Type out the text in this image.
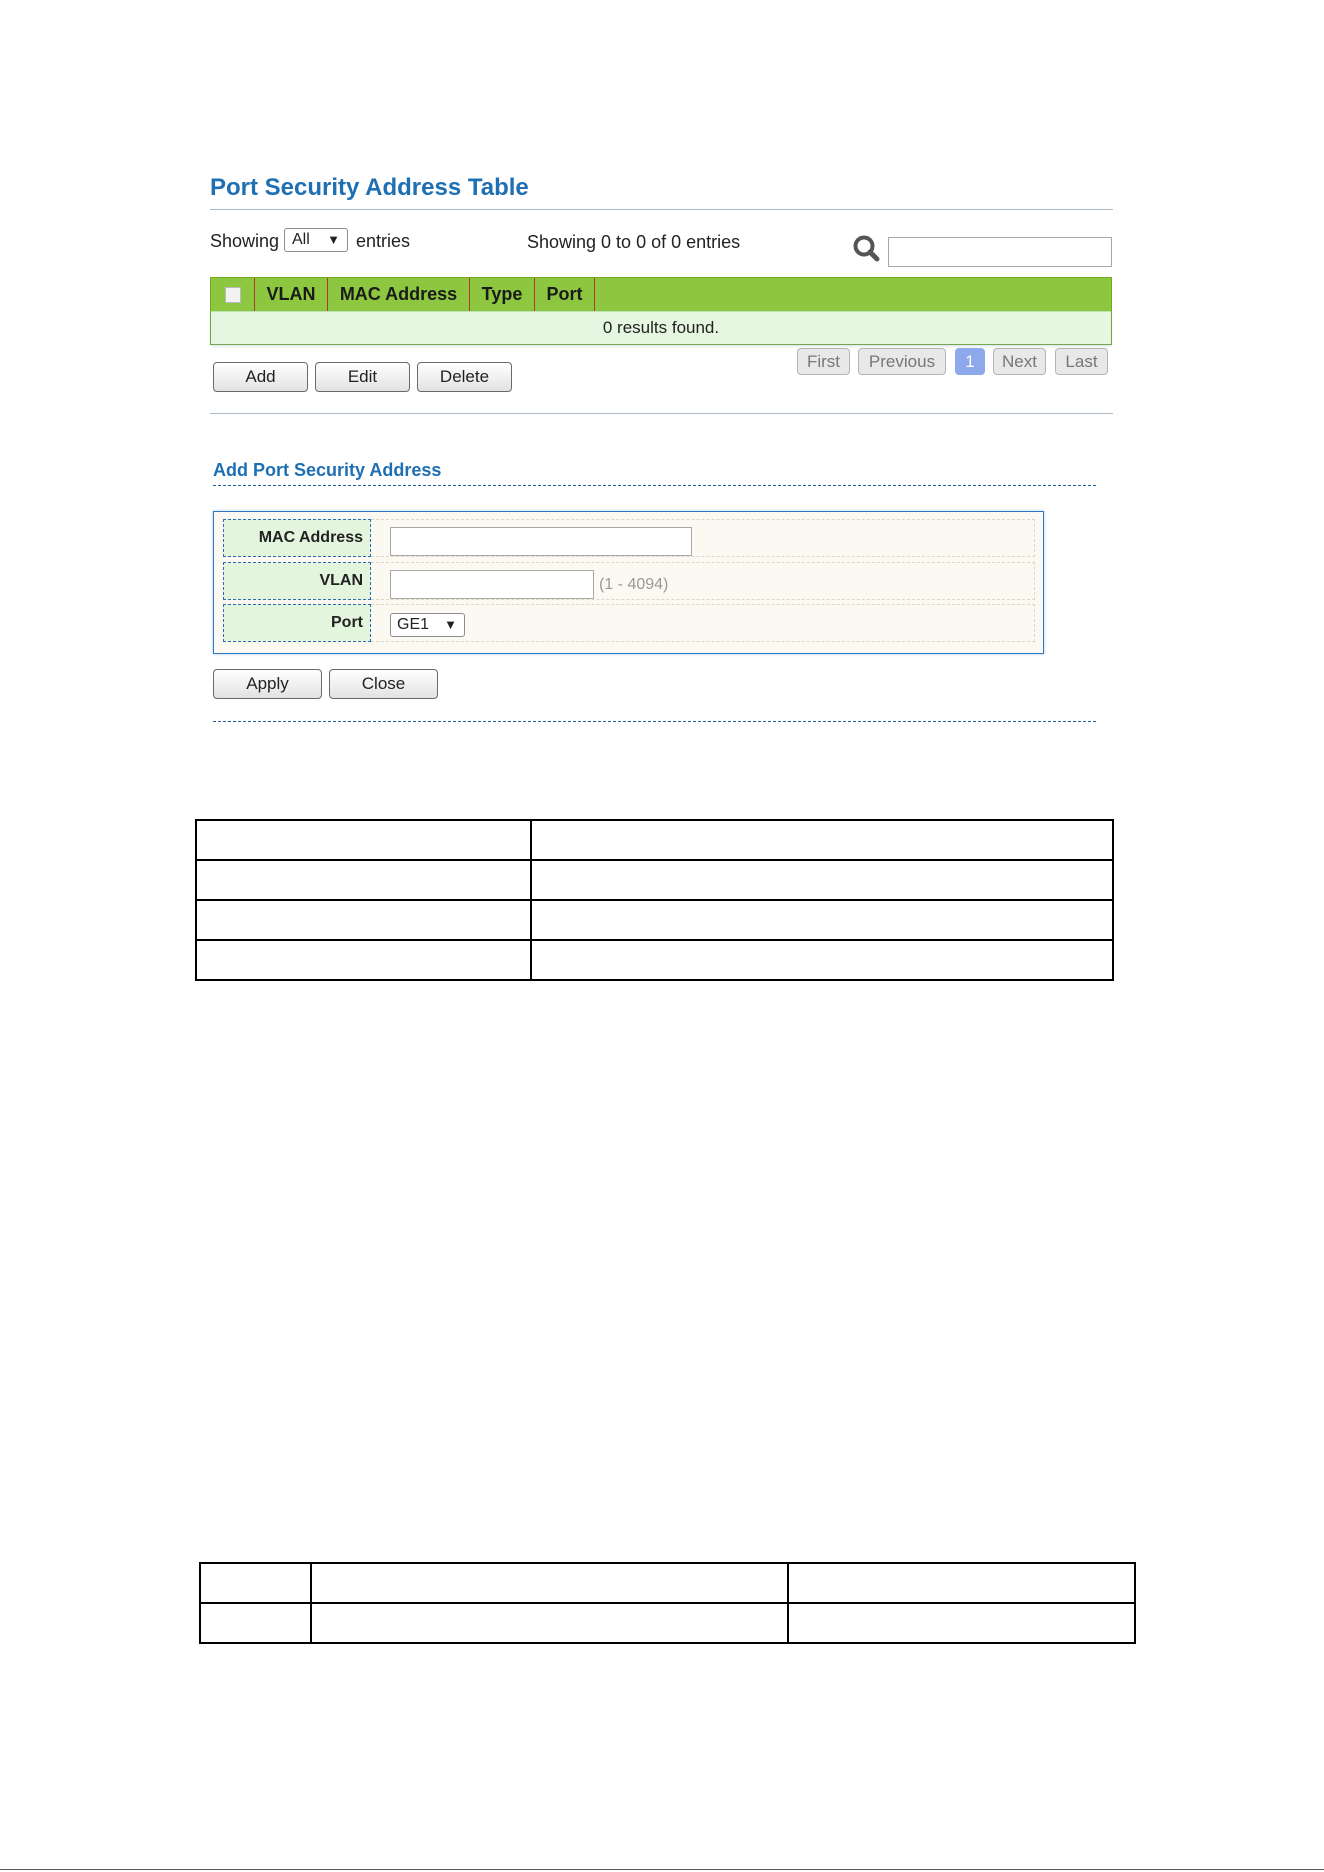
Port Security Address Table
Showing All ▼ entries	Showing 0 to 0 of 0 entries
VLAN	MAC Address	Type	Port
0 results found.
Add	Edit	Delete
First	Previous	1	Next	Last
Add Port Security Address
MAC Address
VLAN	(1 - 4094)
Port	GE1 ▼
Apply	Close
